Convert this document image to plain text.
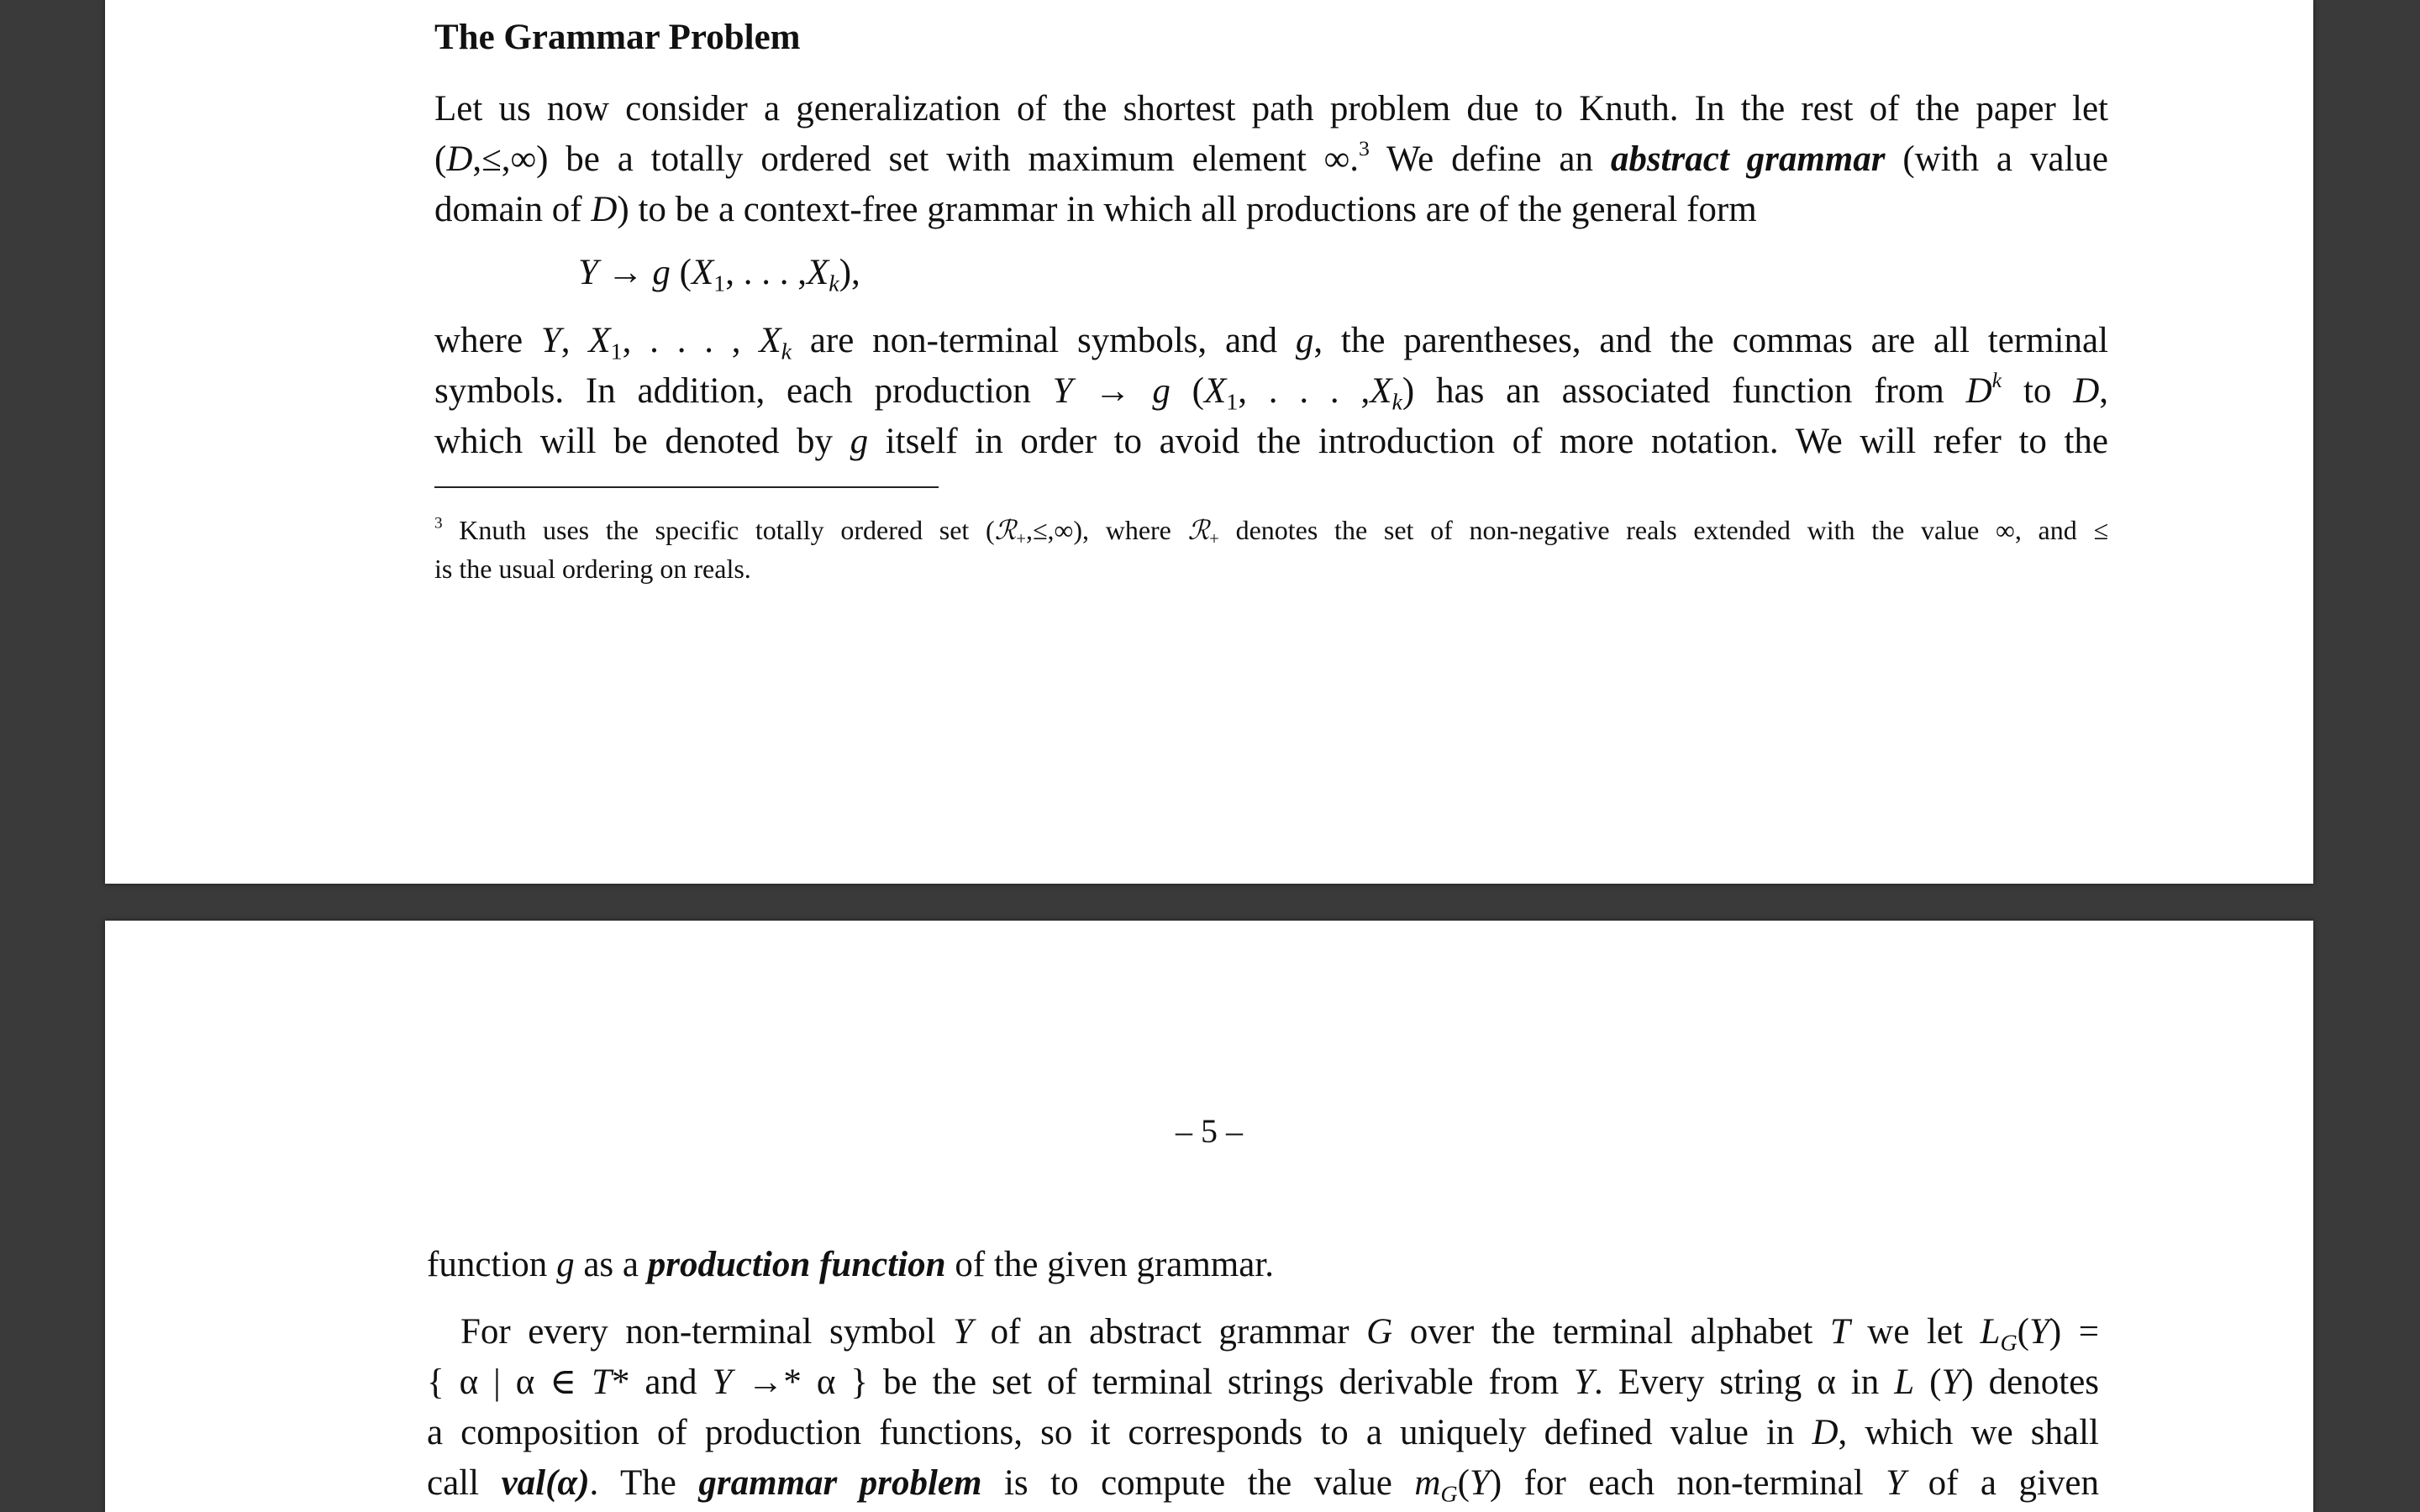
The Grammar Problem
Let us now consider a generalization of the shortest path problem due to Knuth. In the rest of the paper let
(D,≤,∞) be a totally ordered set with maximum element ∞.$^3$ We define an abstract grammar (with a value
domain of D) to be a context-free grammar in which all productions are of the general form
Y → g ($X_1$, . . . $,X_k$),
where Y, $X_1$, . . . , $X_k$ are non-terminal symbols, and g, the parentheses, and the commas are all terminal
symbols. In addition, each production Y → g ($X_1$, . . . $,X_k$) has an associated function from $D^k$ to D,
which will be denoted by g itself in order to avoid the introduction of more notation. We will refer to the
$^3$ Knuth uses the specific totally ordered set (ℛ$_+$,≤,∞), where ℛ$_+$ denotes the set of non-negative reals extended with the value ∞, and ≤
is the usual ordering on reals.
– 5 –
function g as a production function of the given grammar.
For every non-terminal symbol Y of an abstract grammar G over the terminal alphabet T we let $L_G(Y)$ =
{ α | α ∈ T* and Y →* α } be the set of terminal strings derivable from Y. Every string α in L (Y) denotes
a composition of production functions, so it corresponds to a uniquely defined value in D, which we shall
call val(α). The grammar problem is to compute the value $m_G(Y)$ for each non-terminal Y of a given
